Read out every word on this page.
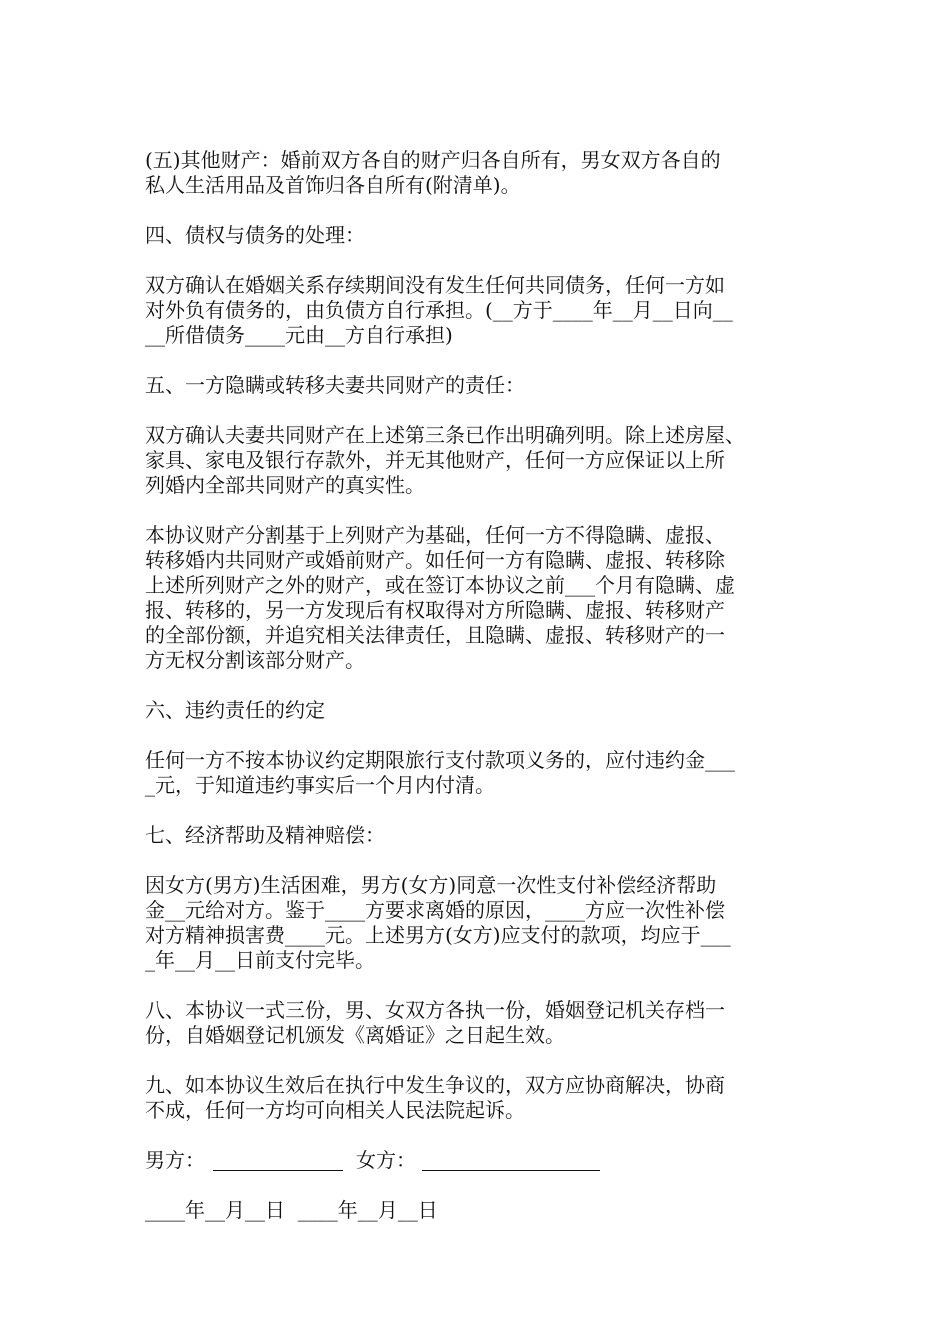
(五)其他财产：婚前双方各自的财产归各自所有，男女双方各自的
私人生活用品及首饰归各自所有(附清单)。
四、债权与债务的处理：
双方确认在婚姻关系存续期间没有发生任何共同债务，任何一方如
对外负有债务的，由负债方自行承担。(__方于____年__月__日向__
__所借债务____元由__方自行承担)
五、一方隐瞒或转移夫妻共同财产的责任：
双方确认夫妻共同财产在上述第三条已作出明确列明。除上述房屋、
家具、家电及银行存款外，并无其他财产，任何一方应保证以上所
列婚内全部共同财产的真实性。
本协议财产分割基于上列财产为基础，任何一方不得隐瞒、虚报、
转移婚内共同财产或婚前财产。如任何一方有隐瞒、虚报、转移除
上述所列财产之外的财产，或在签订本协议之前___个月有隐瞒、虚
报、转移的，另一方发现后有权取得对方所隐瞒、虚报、转移财产
的全部份额，并追究相关法律责任，且隐瞒、虚报、转移财产的一
方无权分割该部分财产。
六、违约责任的约定
任何一方不按本协议约定期限旅行支付款项义务的，应付违约金___
_元，于知道违约事实后一个月内付清。
七、经济帮助及精神赔偿：
因女方(男方)生活困难，男方(女方)同意一次性支付补偿经济帮助
金__元给对方。鉴于____方要求离婚的原因，____方应一次性补偿
对方精神损害费____元。上述男方(女方)应支付的款项，均应于___
_年__月__日前支付完毕。
八、本协议一式三份，男、女双方各执一份，婚姻登记机关存档一
份，自婚姻登记机颁发《离婚证》之日起生效。
九、如本协议生效后在执行中发生争议的，双方应协商解决，协商
不成，任何一方均可向相关人民法院起诉。
男方：	女方：
____年__月__日  ____年__月__日
